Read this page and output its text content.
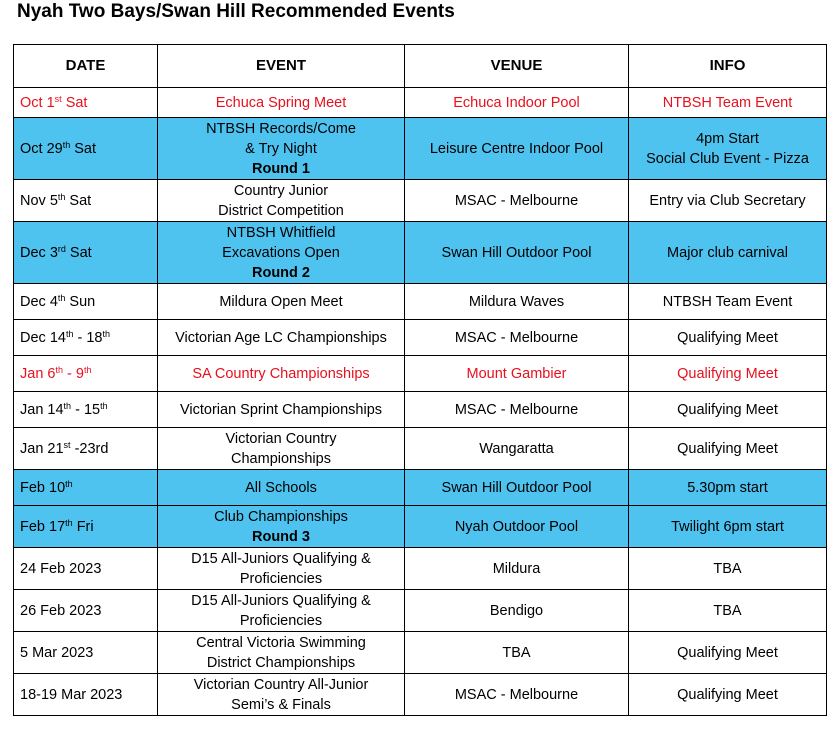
Nyah Two Bays/Swan Hill Recommended Events
DATE	EVENT	VENUE	INFO
Oct 1st Sat	Echuca Spring Meet	Echuca Indoor Pool	NTBSH Team Event

Oct 29th Sat	NTBSH Records/Come
& Try Night
Round 1	Leisure Centre Indoor Pool	4pm Start
Social Club Event - Pizza

Nov 5th Sat	Country Junior
District Competition	MSAC - Melbourne	Entry via Club Secretary

Dec 3rd Sat	NTBSH Whitfield
Excavations Open
Round 2	Swan Hill Outdoor Pool	Major club carnival

Dec 4th Sun	Mildura Open Meet	Mildura Waves	NTBSH Team Event

Dec 14th - 18th	Victorian Age LC Championships	MSAC - Melbourne	Qualifying Meet

Jan 6th - 9th	SA Country Championships	Mount Gambier	Qualifying Meet

Jan 14th - 15th	Victorian Sprint Championships	MSAC - Melbourne	Qualifying Meet

Jan 21st -23rd	Victorian Country
Championships	Wangaratta	Qualifying Meet

Feb 10th	All Schools	Swan Hill Outdoor Pool	5.30pm start

Feb 17th Fri	Club Championships
Round 3	Nyah Outdoor Pool	Twilight 6pm start

24 Feb 2023	D15 All-Juniors Qualifying &
Proficiencies	Mildura	TBA

26 Feb 2023	D15 All-Juniors Qualifying &
Proficiencies	Bendigo	TBA

5 Mar 2023	Central Victoria Swimming
District Championships	TBA	Qualifying Meet

18-19 Mar 2023	Victorian Country All-Junior
Semi’s & Finals	MSAC - Melbourne	Qualifying Meet
